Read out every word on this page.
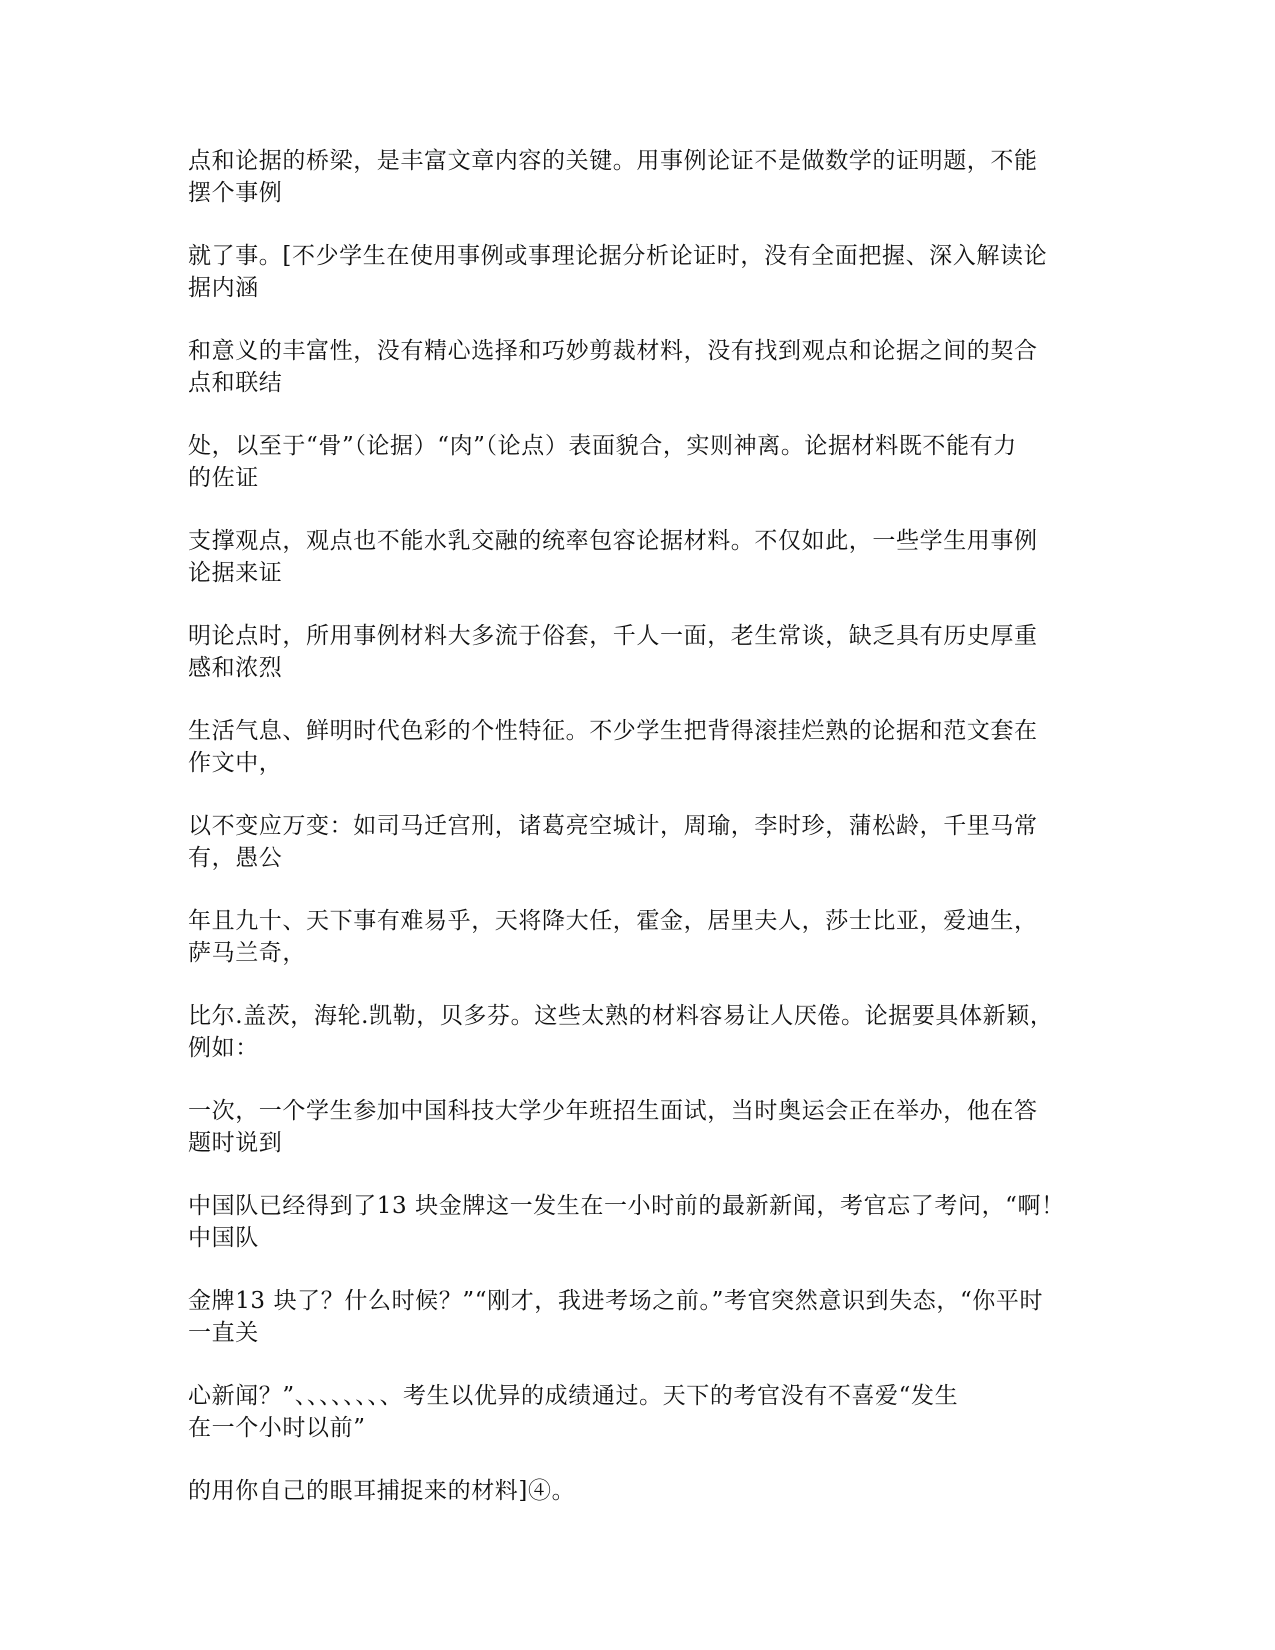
点和论据的桥梁，是丰富文章内容的关键。用事例论证不是做数学的证明题，不能
摆个事例

就了事。[不少学生在使用事例或事理论据分析论证时，没有全面把握、深入解读论
据内涵

和意义的丰富性，没有精心选择和巧妙剪裁材料，没有找到观点和论据之间的契合
点和联结

处，以至于“骨”（论据）“肉”（论点）表面貌合，实则神离。论据材料既不能有力
的佐证

支撑观点，观点也不能水乳交融的统率包容论据材料。不仅如此，一些学生用事例
论据来证

明论点时，所用事例材料大多流于俗套，千人一面，老生常谈，缺乏具有历史厚重
感和浓烈

生活气息、鲜明时代色彩的个性特征。不少学生把背得滚挂烂熟的论据和范文套在
作文中，

以不变应万变：如司马迁宫刑，诸葛亮空城计，周瑜，李时珍，蒲松龄，千里马常
有，愚公

年且九十、天下事有难易乎，天将降大任，霍金，居里夫人，莎士比亚，爱迪生，
萨马兰奇，

比尔.盖茨，海轮.凯勒，贝多芬。这些太熟的材料容易让人厌倦。论据要具体新颖，
例如：

一次，一个学生参加中国科技大学少年班招生面试，当时奥运会正在举办，他在答
题时说到

中国队已经得到了13 块金牌这一发生在一小时前的最新新闻，考官忘了考问，“啊！
中国队

金牌13 块了？什么时候？”“刚才，我进考场之前。”考官突然意识到失态，“你平时
一直关

心新闻？”、、、、、、、、考生以优异的成绩通过。天下的考官没有不喜爱“发生
在一个小时以前”

的用你自己的眼耳捕捉来的材料]④。
